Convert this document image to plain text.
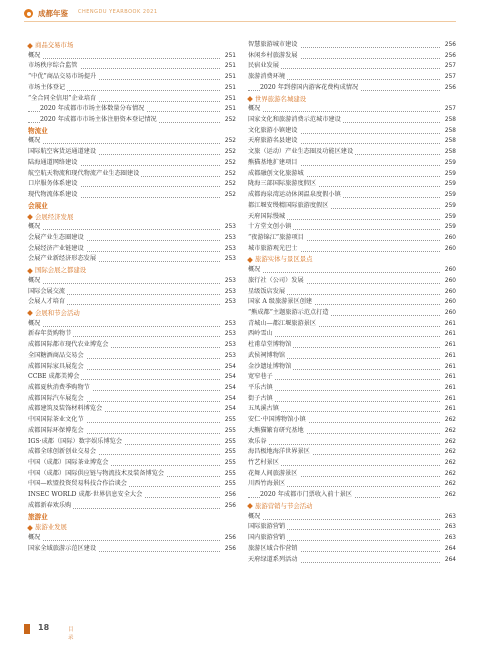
成都年鉴 CHENGDU YEARBOOK 2021
商品交易市场
概况	251
市场秩序综合监管	251
“中优”商品交易市场提升	251
市场主体登记	251
“全合同全信用”企业培育	251
2020 年成都市市场主体数量分布情况	251
2020 年成都市市场主体注册资本登记情况	252
物流业
概况	252
国际航空客货运通道建设	252
陆海通道网络建设	252
航空航天物流和现代物流产业生态圈建设	252
口岸服务体系建设	252
现代物流体系建设	252
会展业
会展经济发展
概况	253
会展产业生态圈建设	253
会展经济产业链建设	253
会展产业新经济形态发展	253
国际会展之都建设
概况	253
国际会展交流	253
会展人才培育	253
会展和节会活动
概况	253
新春年货购物节	253
成都国际都市现代农业博览会	253
全国糖酒商品交易会	253
成都国际家具展览会	254
CCBE 成都美博会	254
成都夏秋消费季购物节	254
成都国际汽车展览会	254
成都建筑及装饰材料博览会	254
中国国际茶业文化节	255
成都国际环保博览会	255
IGS·成都（国际）数字娱乐博览会	255
成都全球创新创业交易会	255
中国（成都）国际茶业博览会	255
中国（成都）国际供应链与物流技术及装备博览会	255
中国—欧盟投资贸易科技合作洽谈会	255
INSEC WORLD 成都·世界信息安全大会	256
成都新春欢乐购	256
旅游业
旅游业发展
概况	256
国家全域旅游示范区建设	256
智慧旅游城市建设	256
休闲乡村旅游发展	256
民宿业发展	257
旅游消费环境	257
2020 年到蓉国内游客花费构成情况	256
世界旅游名城建设
概况	257
国家文化和旅游消费示范城市建设	258
文化旅游小镇建设	258
天府旅游名县建设	258
文旅（运动）产业生态圈及功能区建设	258
熊猫基地扩建项目	259
成都融创文化旅游城	259
陇海三部国际旅游度假区	259
成都海泉湾运动休闲温泉度假小镇	259
都江堰安缦精国际旅游度假区	259
天府国际慢城	259
十方堂文创小镇	259
“夜游锦江”旅游项目	260
城市旅游观光巴士	260
旅游实体与景区景点
概况	260
旅行社（公司）发展	260
星级饭店发展	260
国家 A 级旅游景区创建	260
“熊成都”主题旅游示范点打造	260
青城山—都江堰旅游景区	261
西岭雪山	261
杜甫草堂博物馆	261
武侯祠博物馆	261
金沙遗址博物馆	261
宽窄巷子	261
平乐古镇	261
街子古镇	261
五凤溪古镇	261
安仁·中国博物馆小镇	262
大熊猫繁育研究基地	262
欢乐谷	262
海昌极地海洋世界景区	262
竹艺村景区	262
花舞人间旅游景区	262
川西竹海景区	262
2020 年成都市门票收入前十景区	262
旅游营销与节会活动
概况	263
国际旅游营销	263
国内旅游营销	263
旅游区域合作营销	264
天府绿道系列活动	264
18	目 录
